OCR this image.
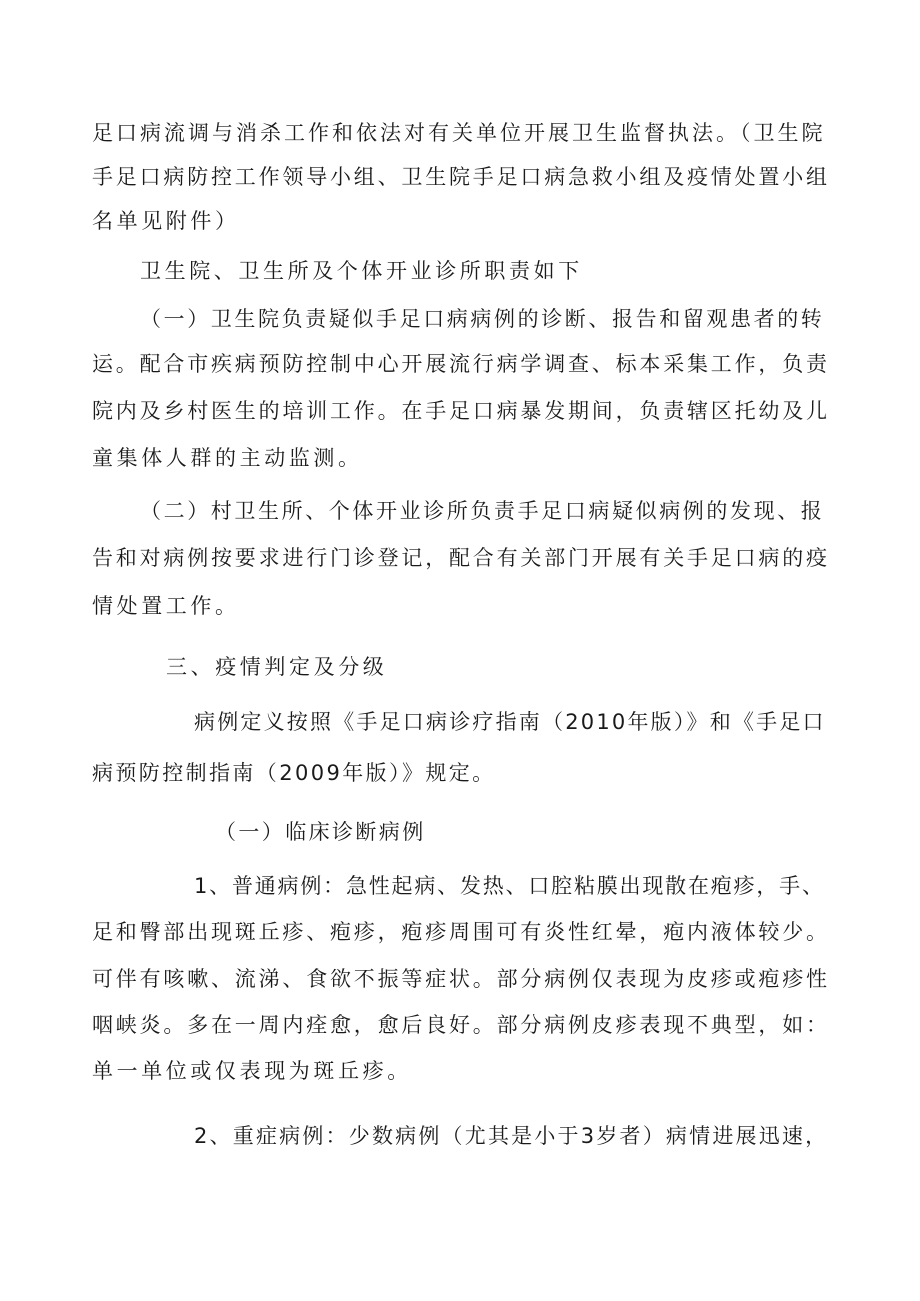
足口病流调与消杀工作和依法对有关单位开展卫生监督执法。（卫生院
手足口病防控工作领导小组、卫生院手足口病急救小组及疫情处置小组
名单见附件）
卫生院、卫生所及个体开业诊所职责如下
（一）卫生院负责疑似手足口病病例的诊断、报告和留观患者的转
运。配合市疾病预防控制中心开展流行病学调查、标本采集工作，负责
院内及乡村医生的培训工作。在手足口病暴发期间，负责辖区托幼及儿
童集体人群的主动监测。
（二）村卫生所、个体开业诊所负责手足口病疑似病例的发现、报
告和对病例按要求进行门诊登记，配合有关部门开展有关手足口病的疫
情处置工作。
三、疫情判定及分级
病例定义按照《手足口病诊疗指南（2010年版）》和《手足口
病预防控制指南（2009年版）》规定。
（一）临床诊断病例
1、普通病例：急性起病、发热、口腔粘膜出现散在疱疹，手、
足和臀部出现斑丘疹、疱疹，疱疹周围可有炎性红晕，疱内液体较少。
可伴有咳嗽、流涕、食欲不振等症状。部分病例仅表现为皮疹或疱疹性
咽峡炎。多在一周内痊愈，愈后良好。部分病例皮疹表现不典型，如：
单一单位或仅表现为斑丘疹。
2、重症病例：少数病例（尤其是小于3岁者）病情进展迅速，
